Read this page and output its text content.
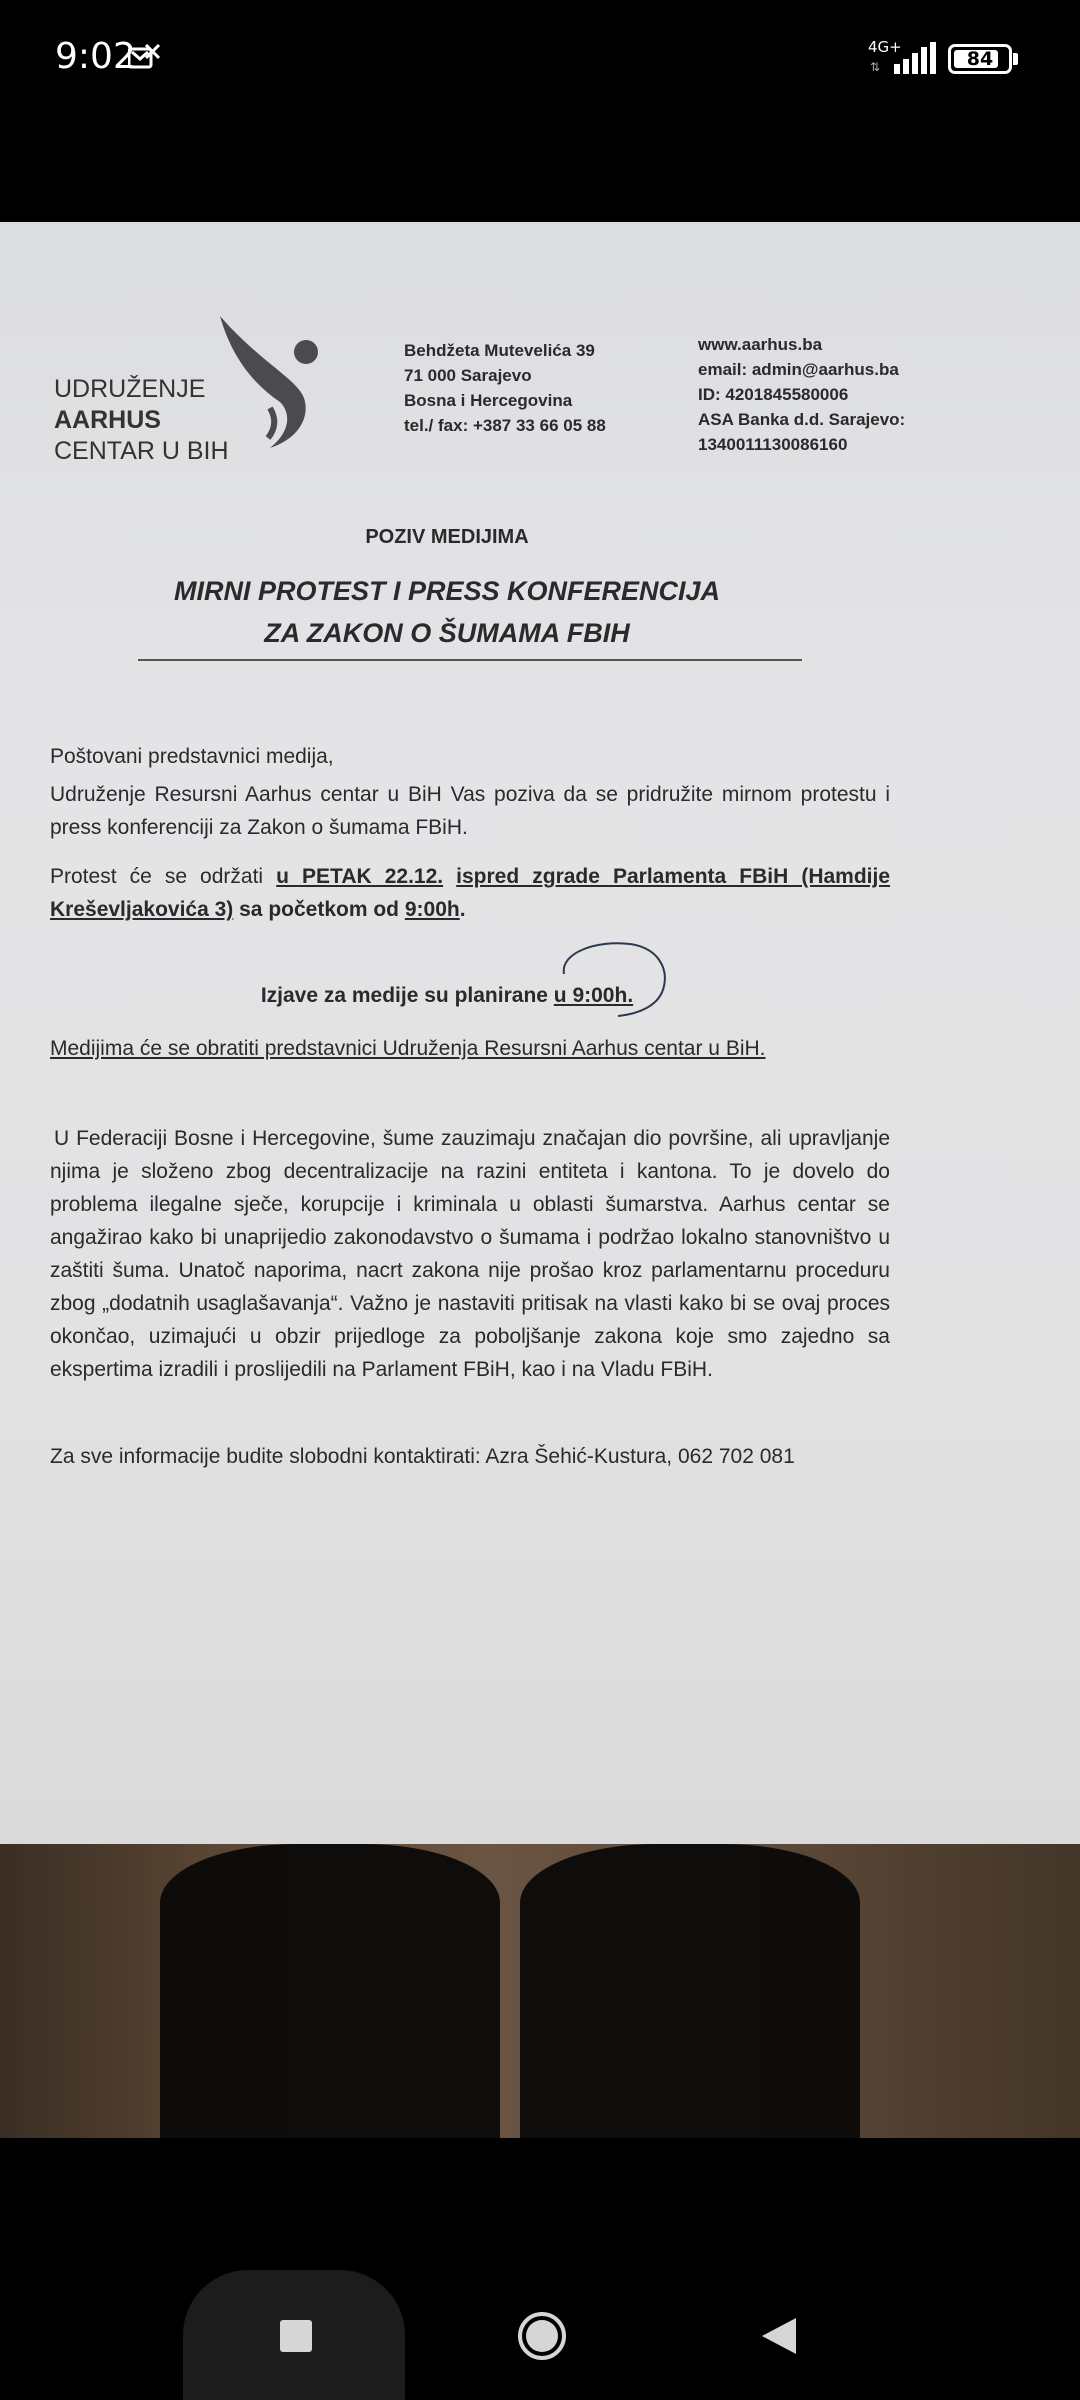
9:02	4G+
⇅	84
UDRUŽENJE
AARHUS
CENTAR U BIH
Behdžeta Mutevelića 39
71 000 Sarajevo
Bosna i Hercegovina
tel./ fax: +387 33 66 05 88
www.aarhus.ba
email: admin@aarhus.ba
ID: 4201845580006
ASA Banka d.d. Sarajevo:
1340011130086160
POZIV MEDIJIMA
MIRNI PROTEST I PRESS KONFERENCIJA
ZA ZAKON O ŠUMAMA FBIH
Poštovani predstavnici medija,
Udruženje Resursni Aarhus centar u BiH Vas poziva da se pridružite mirnom protestu i press konferenciji za Zakon o šumama FBiH.
Protest će se održati u PETAK 22.12. ispred zgrade Parlamenta FBiH (Hamdije Kreševljakovića 3) sa početkom od 9:00h.
Izjave za medije su planirane u 9:00h.
Medijima će se obratiti predstavnici Udruženja Resursni Aarhus centar u BiH.
U Federaciji Bosne i Hercegovine, šume zauzimaju značajan dio površine, ali upravljanje njima je složeno zbog decentralizacije na razini entiteta i kantona. To je dovelo do problema ilegalne sječe, korupcije i kriminala u oblasti šumarstva. Aarhus centar se angažirao kako bi unaprijedio zakonodavstvo o šumama i podržao lokalno stanovništvo u zaštiti šuma. Unatoč naporima, nacrt zakona nije prošao kroz parlamentarnu proceduru zbog „dodatnih usaglašavanja“. Važno je nastaviti pritisak na vlasti kako bi se ovaj proces okončao, uzimajući u obzir prijedloge za poboljšanje zakona koje smo zajedno sa ekspertima izradili i proslijedili na Parlament FBiH, kao i na Vladu FBiH.
Za sve informacije budite slobodni kontaktirati: Azra Šehić-Kustura, 062 702 081
